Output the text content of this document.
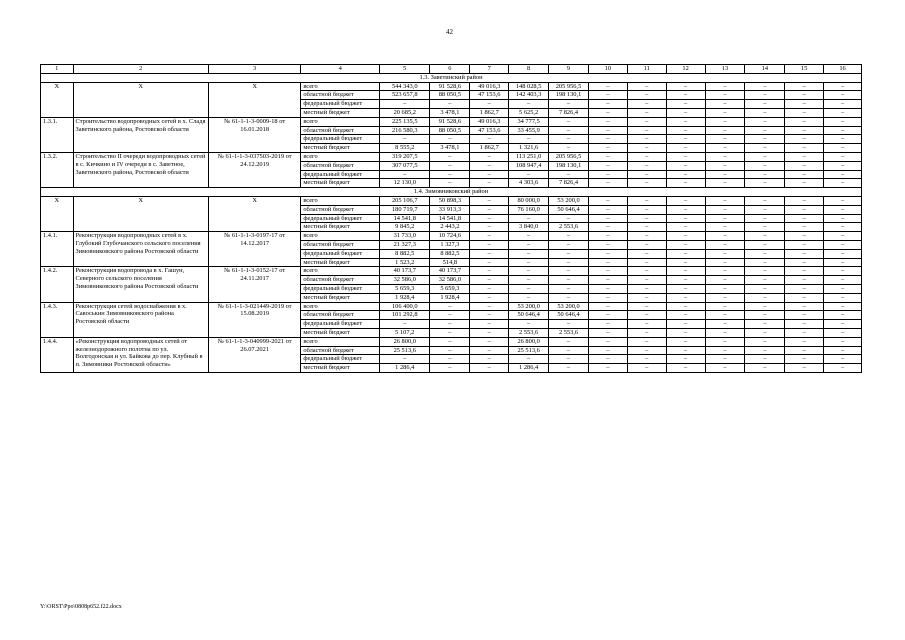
42
1	2	3	4	5	6	7	8	9	10	11	12	13	14	15	16
1.3. Заветинский район															
Х	Х	Х	всего	544 343,0	91 528,6	49 016,3	148 028,5	205 956,5	–	–	–	–	–	–	–
			областной бюджет	523 657,8	88 050,5	47 153,6	142 403,3	198 130,1	–	–	–	–	–	–	–
			федеральный бюджет	–	–	–	–	–	–	–	–	–	–	–	–
			местный бюджет	20 685,2	3 478,1	1 862,7	5 625,2	7 826,4	–	–	–	–	–	–	–
1.3.1.	Строительство водопроводных сетей в х. Сладя Заветинского района, Ростовской области	№ 61-1-1-3-0009-18 от 16.01.2018	всего	225 135,5	91 528,6	49 016,3	34 777,5	–	–	–	–	–	–	–	–
			областной бюджет	216 580,3	88 050,5	47 153,6	33 455,9	–	–	–	–	–	–	–	–
			федеральный бюджет	–	–	–	–	–	–	–	–	–	–	–	–
			местный бюджет	8 555,2	3 478,1	1 862,7	1 321,6	–	–	–	–	–	–	–	–
1.3.2.	Строительство II очереди водопроводных сетей в с. Кичкино и IV очереди в с. Заветное, Заветинского района, Ростовской области	№ 61-1-1-3-037503-2019 от 24.12.2019	всего	319 207,5	–	–	113 251,0	205 956,5	–	–	–	–	–	–	–
			областной бюджет	307 077,5	–	–	108 947,4	198 130,1	–	–	–	–	–	–	–
			федеральный бюджет	–	–	–	–	–	–	–	–	–	–	–	–
			местный бюджет	12 130,0	–	–	4 303,6	7 826,4	–	–	–	–	–	–	–
1.4. Зимовниковский район															
Х	Х	Х	всего	205 106,7	50 898,3	–	80 000,0	53 200,0	–	–	–	–	–	–	–
			областной бюджет	180 719,7	33 913,3	–	76 160,0	50 646,4	–	–	–	–	–	–	–
			федеральный бюджет	14 541,8	14 541,8	–	–	–	–	–	–	–	–	–	–
			местный бюджет	9 845,2	2 443,2	–	3 840,0	2 553,6	–	–	–	–	–	–	–
1.4.1.	Реконструкция водопроводных сетей в х. Глубокий Глубочанского сельского поселения Зимовниковского района Ростовской области	№ 61-1-1-3-0197-17 от 14.12.2017	всего	31 733,0	10 724,6	–	–	–	–	–	–	–	–	–	–
			областной бюджет	21 327,3	1 327,3	–	–	–	–	–	–	–	–	–	–
			федеральный бюджет	8 882,5	8 882,5	–	–	–	–	–	–	–	–	–	–
			местный бюджет	1 523,2	514,8	–	–	–	–	–	–	–	–	–	–
1.4.2.	Реконструкция водопровода в х. Гашун, Северного сельского поселения Зимовниковского района Ростовской области	№ 61-1-1-3-0152-17 от 24.11.2017	всего	40 173,7	40 173,7	–	–	–	–	–	–	–	–	–	–
			областной бюджет	32 586,0	32 586,0	–	–	–	–	–	–	–	–	–	–
			федеральный бюджет	5 659,3	5 659,3	–	–	–	–	–	–	–	–	–	–
			местный бюджет	1 928,4	1 928,4	–	–	–	–	–	–	–	–	–	–
1.4.3.	Реконструкция сетей водоснабжения в х. Савоськин Зимовниковского района Ростовской области	№ 61-1-1-3-021449-2019 от 15.08.2019	всего	106 400,0	–	–	53 200,0	53 200,0	–	–	–	–	–	–	–
			областной бюджет	101 292,8	–	–	50 646,4	50 646,4	–	–	–	–	–	–	–
			федеральный бюджет	–	–	–	–	–	–	–	–	–	–	–	–
			местный бюджет	5 107,2	–	–	2 553,6	2 553,6	–	–	–	–	–	–	–
1.4.4.	«Реконструкция водопроводных сетей от железнодорожного полотна по ул. Волгодонская и ул. Байкова до пер. Клубный в п. Зимовники Ростовской области»	№ 61-1-1-3-040999-2021 от 26.07.2021	всего	26 800,0	–	–	26 800,0	–	–	–	–	–	–	–	–
			областной бюджет	25 513,6	–	–	25 513,6	–	–	–	–	–	–	–	–
			федеральный бюджет	–	–	–	–	–	–	–	–	–	–	–	–
			местный бюджет	1 286,4	–	–	1 286,4	–	–	–	–	–	–	–	–
Y:\ORST\Ppo\0808p652.f22.docx
